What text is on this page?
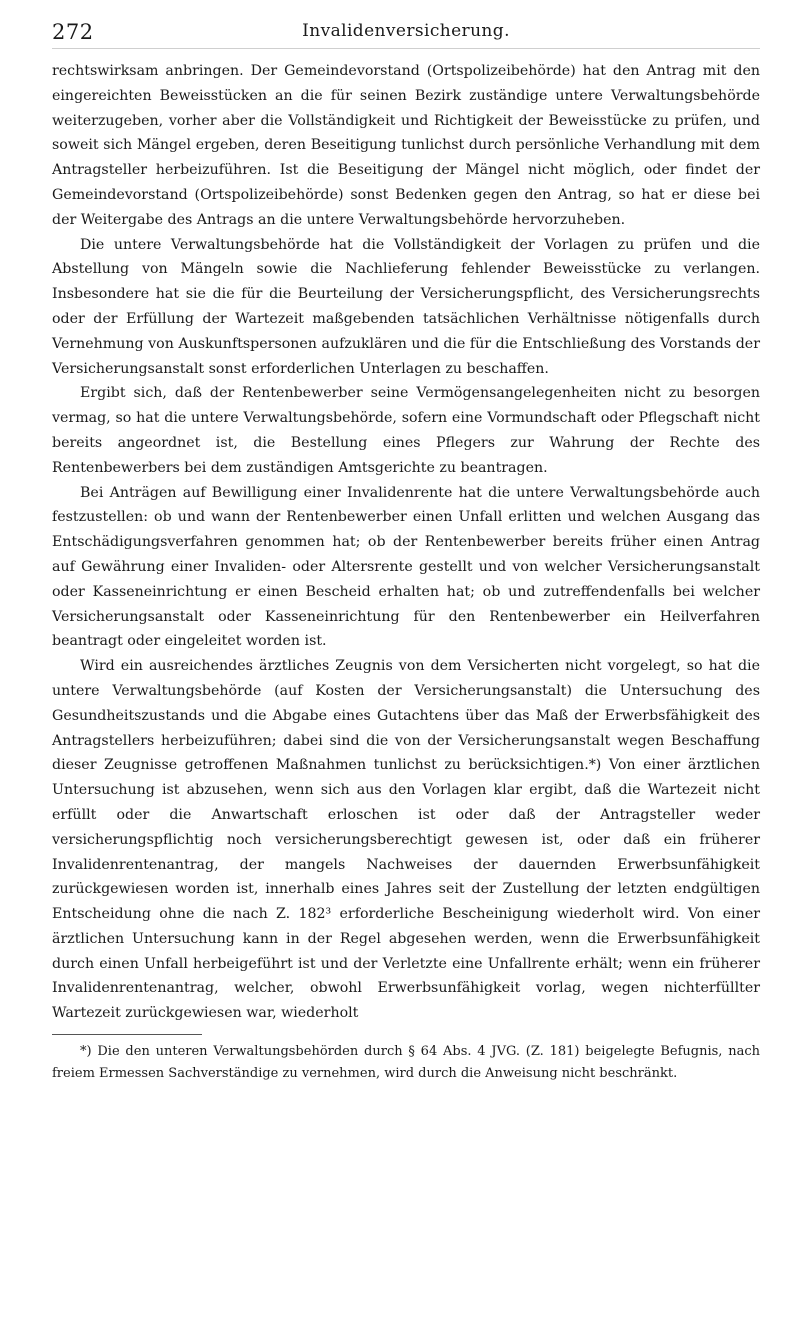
272	Invalidenversicherung.

rechtswirksam anbringen. Der Gemeindevorstand (Ortspolizeibehörde) hat den Antrag mit den eingereichten Beweisstücken an die für seinen Bezirk zuständige untere Verwaltungsbehörde weiterzugeben, vorher aber die Vollständigkeit und Richtigkeit der Beweisstücke zu prüfen, und soweit sich Mängel ergeben, deren Beseitigung tunlichst durch persönliche Verhandlung mit dem Antragsteller herbeizuführen. Ist die Beseitigung der Mängel nicht möglich, oder findet der Gemeindevorstand (Ortspolizeibehörde) sonst Bedenken gegen den Antrag, so hat er diese bei der Weitergabe des Antrags an die untere Verwaltungsbehörde hervorzuheben.

Die untere Verwaltungsbehörde hat die Vollständigkeit der Vorlagen zu prüfen und die Abstellung von Mängeln sowie die Nachlieferung fehlender Beweisstücke zu verlangen. Insbesondere hat sie die für die Beurteilung der Versicherungspflicht, des Versicherungsrechts oder der Erfüllung der Wartezeit maßgebenden tatsächlichen Verhältnisse nötigenfalls durch Vernehmung von Auskunftspersonen aufzuklären und die für die Entschließung des Vorstands der Versicherungsanstalt sonst erforderlichen Unterlagen zu beschaffen.

Ergibt sich, daß der Rentenbewerber seine Vermögensangelegenheiten nicht zu besorgen vermag, so hat die untere Verwaltungsbehörde, sofern eine Vormundschaft oder Pflegschaft nicht bereits angeordnet ist, die Bestellung eines Pflegers zur Wahrung der Rechte des Rentenbewerbers bei dem zuständigen Amtsgerichte zu beantragen.

Bei Anträgen auf Bewilligung einer Invalidenrente hat die untere Verwaltungsbehörde auch festzustellen: ob und wann der Rentenbewerber einen Unfall erlitten und welchen Ausgang das Entschädigungsverfahren genommen hat; ob der Rentenbewerber bereits früher einen Antrag auf Gewährung einer Invaliden- oder Altersrente gestellt und von welcher Versicherungsanstalt oder Kasseneinrichtung er einen Bescheid erhalten hat; ob und zutreffendenfalls bei welcher Versicherungsanstalt oder Kasseneinrichtung für den Rentenbewerber ein Heilverfahren beantragt oder eingeleitet worden ist.

Wird ein ausreichendes ärztliches Zeugnis von dem Versicherten nicht vorgelegt, so hat die untere Verwaltungsbehörde (auf Kosten der Versicherungsanstalt) die Untersuchung des Gesundheitszustands und die Abgabe eines Gutachtens über das Maß der Erwerbsfähigkeit des Antragstellers herbeizuführen; dabei sind die von der Versicherungsanstalt wegen Beschaffung dieser Zeugnisse getroffenen Maßnahmen tunlichst zu berücksichtigen.*) Von einer ärztlichen Untersuchung ist abzusehen, wenn sich aus den Vorlagen klar ergibt, daß die Wartezeit nicht erfüllt oder die Anwartschaft erloschen ist oder daß der Antragsteller weder versicherungspflichtig noch versicherungsberechtigt gewesen ist, oder daß ein früherer Invalidenrentenantrag, der mangels Nachweises der dauernden Erwerbsunfähigkeit zurückgewiesen worden ist, innerhalb eines Jahres seit der Zustellung der letzten endgültigen Entscheidung ohne die nach Z. 182³ erforderliche Bescheinigung wiederholt wird. Von einer ärztlichen Untersuchung kann in der Regel abgesehen werden, wenn die Erwerbsunfähigkeit durch einen Unfall herbeigeführt ist und der Verletzte eine Unfallrente erhält; wenn ein früherer Invalidenrentenantrag, welcher, obwohl Erwerbsunfähigkeit vorlag, wegen nichterfüllter Wartezeit zurückgewiesen war, wiederholt

*) Die den unteren Verwaltungsbehörden durch § 64 Abs. 4 JVG. (Z. 181) beigelegte Befugnis, nach freiem Ermessen Sachverständige zu vernehmen, wird durch die Anweisung nicht beschränkt.
